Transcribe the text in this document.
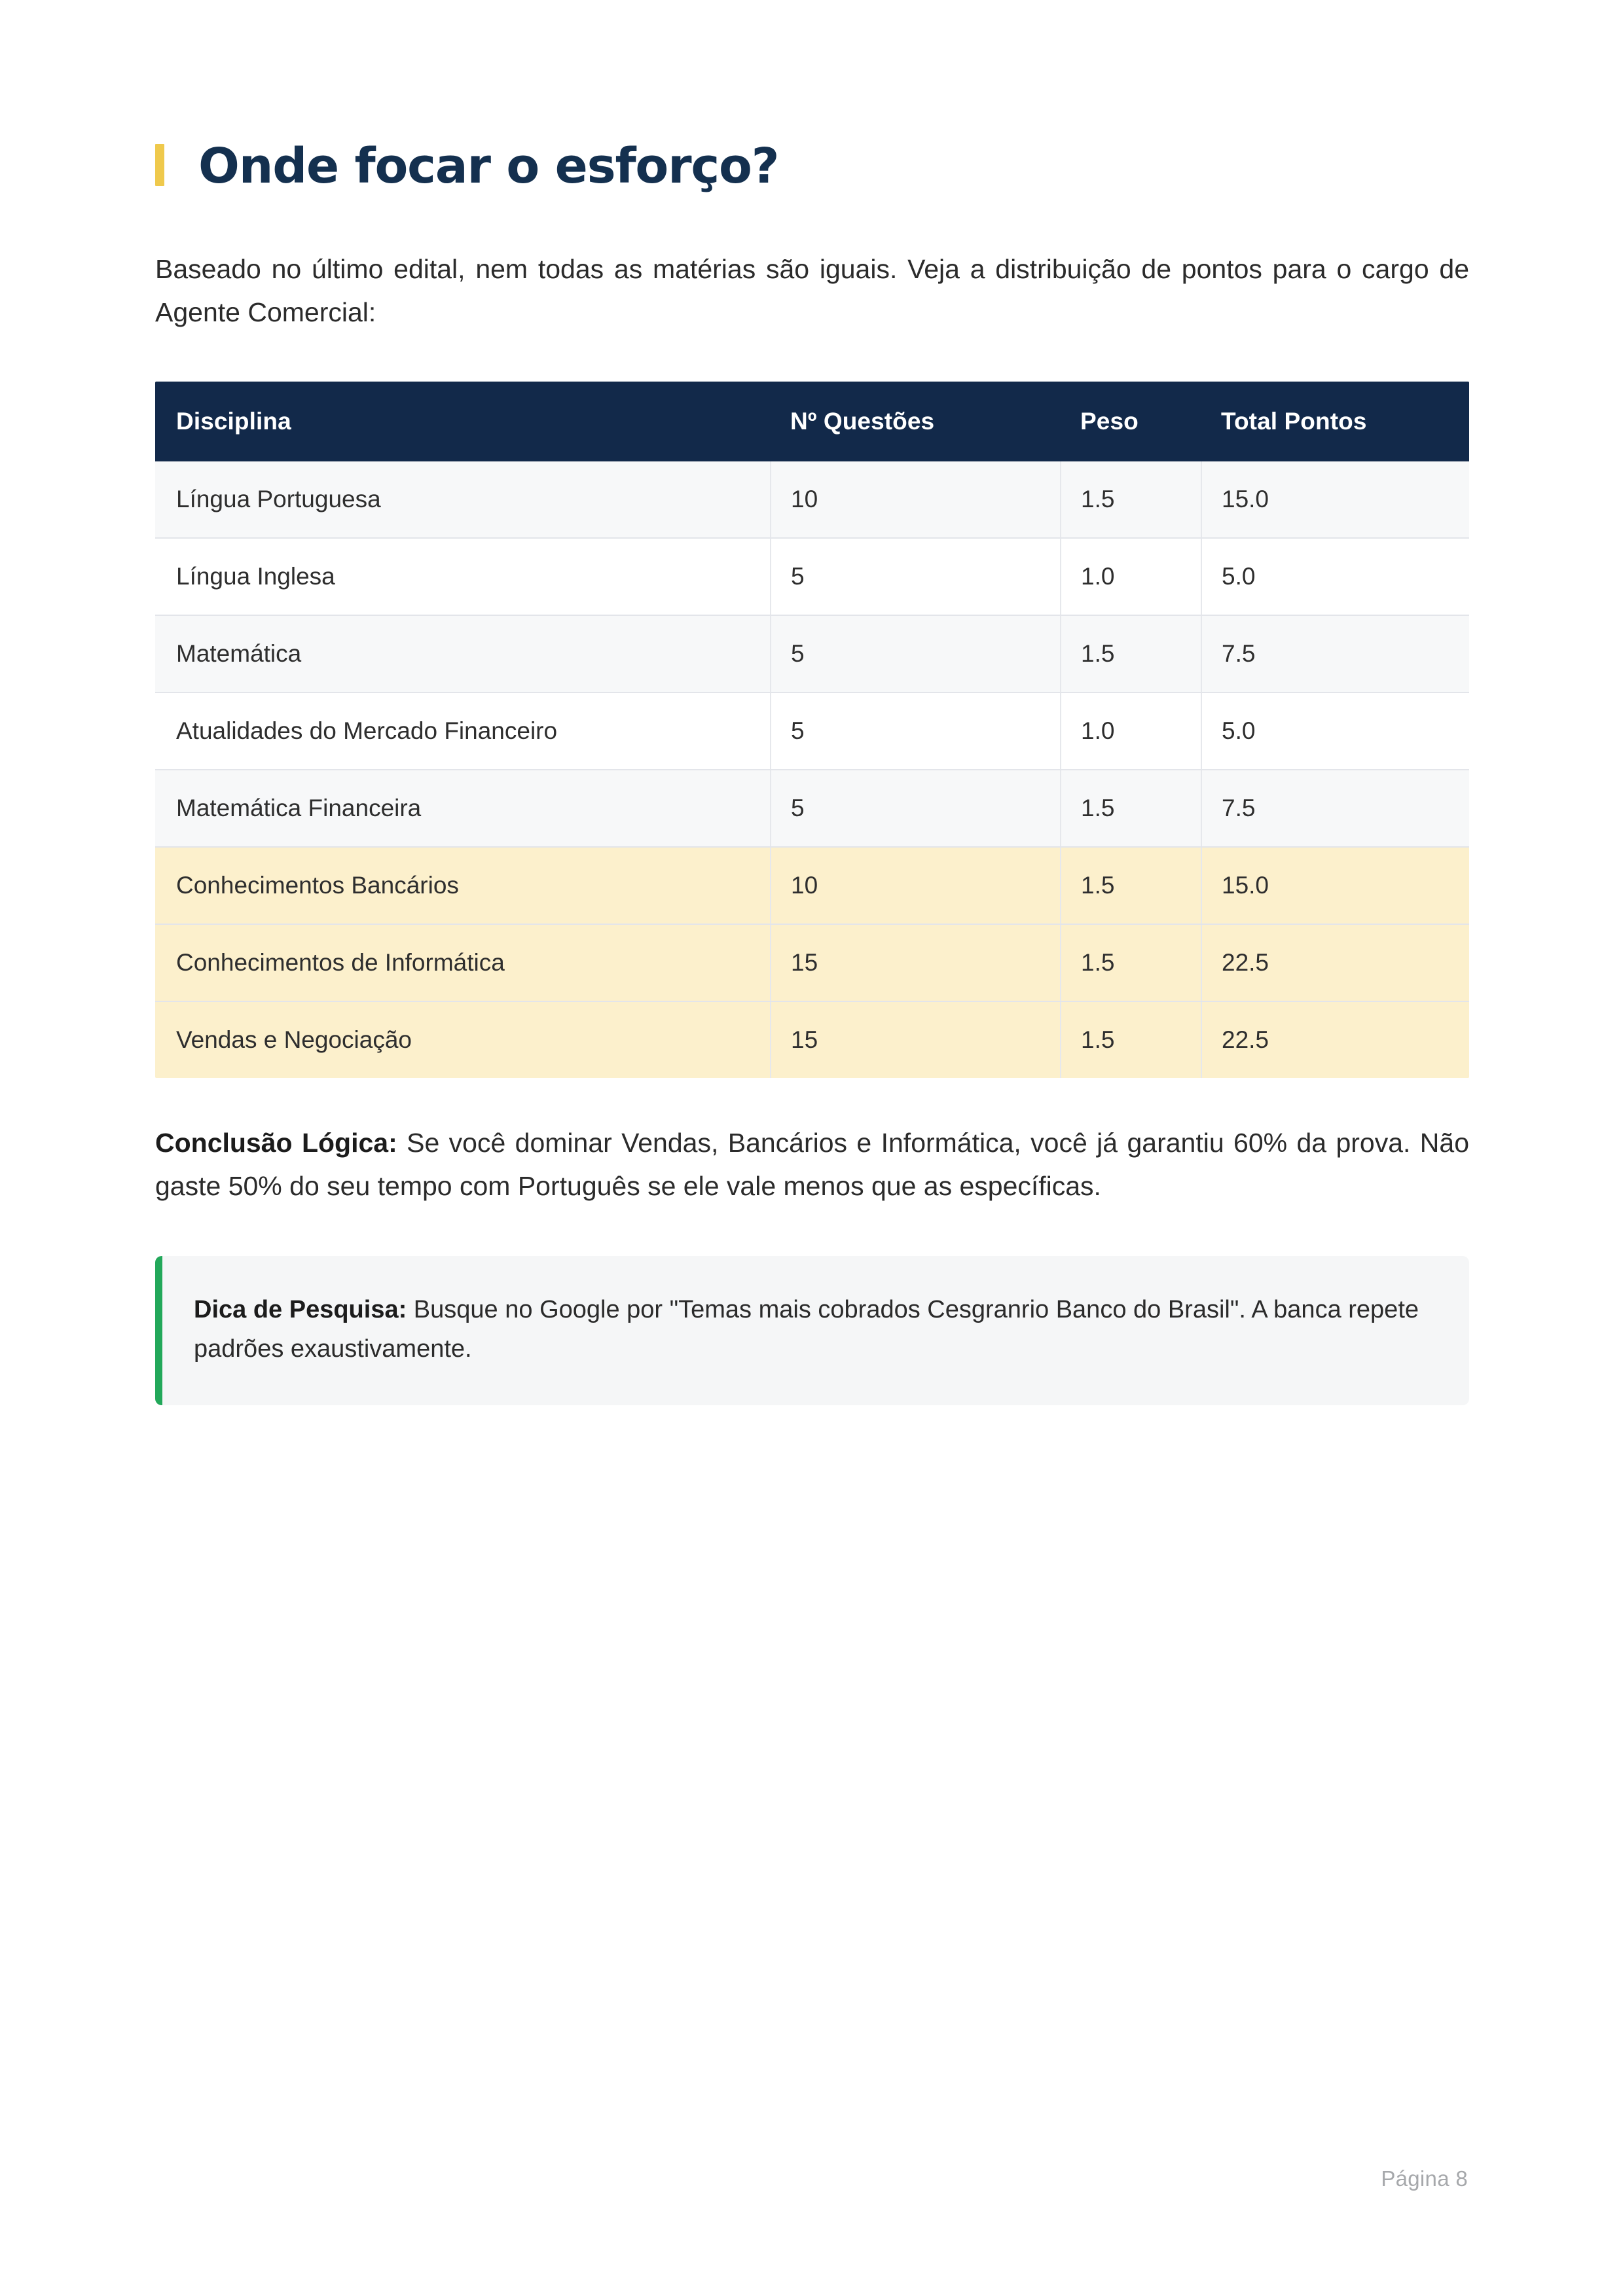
Onde focar o esforço?

Baseado no último edital, nem todas as matérias são iguais. Veja a distribuição de pontos para o cargo de Agente Comercial:

Disciplina	Nº Questões	Peso	Total Pontos
Língua Portuguesa	10	1.5	15.0
Língua Inglesa	5	1.0	5.0
Matemática	5	1.5	7.5
Atualidades do Mercado Financeiro	5	1.0	5.0
Matemática Financeira	5	1.5	7.5
Conhecimentos Bancários	10	1.5	15.0
Conhecimentos de Informática	15	1.5	22.5
Vendas e Negociação	15	1.5	22.5

Conclusão Lógica: Se você dominar Vendas, Bancários e Informática, você já garantiu 60% da prova. Não gaste 50% do seu tempo com Português se ele vale menos que as específicas.

Dica de Pesquisa: Busque no Google por "Temas mais cobrados Cesgranrio Banco do Brasil". A banca repete padrões exaustivamente.
Página 8
